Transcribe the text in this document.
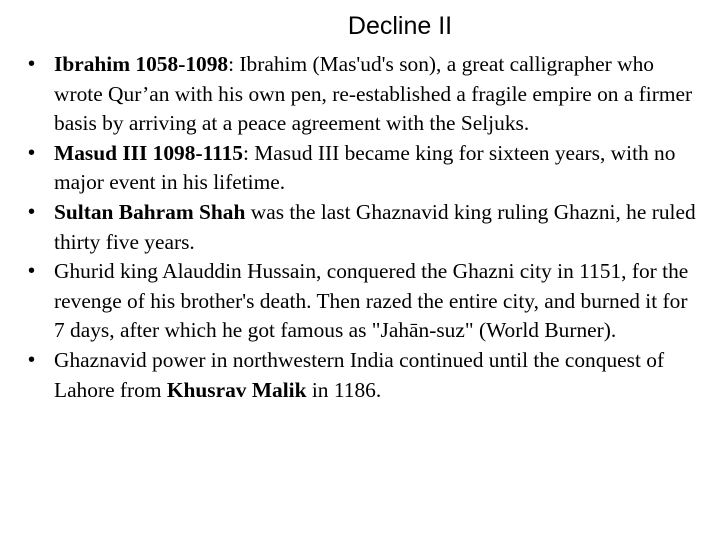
Decline II
• Ibrahim 1058-1098: Ibrahim (Mas'ud's son), a great calligrapher who wrote Qur’an with his own pen, re-established a fragile empire on a firmer basis by arriving at a peace agreement with the Seljuks.
• Masud III 1098-1115: Masud III became king for sixteen years, with no major event in his lifetime.
• Sultan Bahram Shah was the last Ghaznavid king ruling Ghazni, he ruled thirty five years.
• Ghurid king Alauddin Hussain, conquered the Ghazni city in 1151, for the revenge of his brother's death. Then razed the entire city, and burned it for 7 days, after which he got famous as "Jahān-suz" (World Burner).
• Ghaznavid power in northwestern India continued until the conquest of Lahore from Khusrav Malik in 1186.
